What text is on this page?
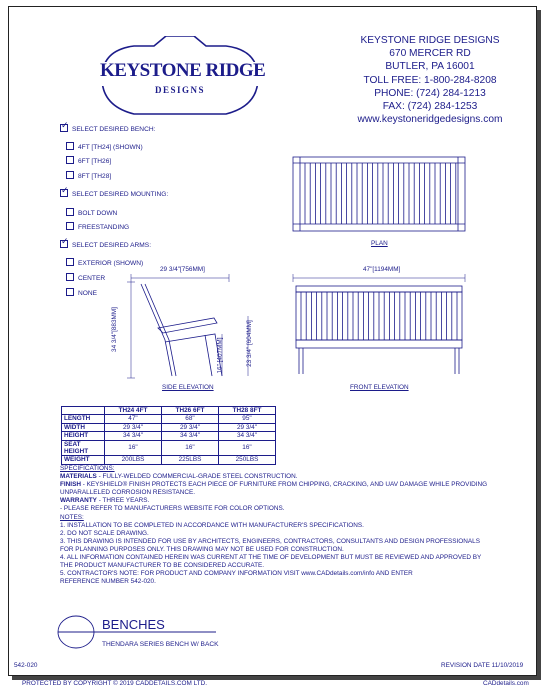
KEYSTONE RIDGE
DESIGNS
KEYSTONE RIDGE DESIGNS
670 MERCER RD
BUTLER, PA 16001
TOLL FREE: 1-800-284-8208
PHONE: (724) 284-1213
FAX: (724) 284-1253
www.keystoneridgedesigns.com
✓SELECT DESIRED BENCH:
4FT [TH24] (SHOWN)
6FT [TH26]
8FT [TH28]
✓SELECT DESIRED MOUNTING:
BOLT DOWN
FREESTANDING
✓SELECT DESIRED ARMS:
EXTERIOR (SHOWN)
CENTER
NONE
PLAN
47"[1194MM]
FRONT ELEVATION
29 3/4"[756MM]
SIDE ELEVATION
34 3/4"[883MM]
16" [407MM]	23 3/4" [604MM]
	TH24 4FT	TH26 6FT	TH28 8FT
LENGTH	47"	68"	95"
WIDTH	29 3/4"	29 3/4"	29 3/4"
HEIGHT	34 3/4"	34 3/4"	34 3/4"
SEAT HEIGHT	16"	16"	16"
WEIGHT	200LBS	225LBS	250LBS
SPECIFICATIONS:
MATERIALS - FULLY-WELDED COMMERCIAL-GRADE STEEL CONSTRUCTION.
FINISH - KEYSHIELD® FINISH PROTECTS EACH PIECE OF FURNITURE FROM CHIPPING, CRACKING, AND UAV DAMAGE WHILE PROVIDING
UNPARALLELED CORROSION RESISTANCE.
WARRANTY - THREE YEARS.
- PLEASE REFER TO MANUFACTURERS WEBSITE FOR COLOR OPTIONS.
NOTES:
1. INSTALLATION TO BE COMPLETED IN ACCORDANCE WITH MANUFACTURER'S SPECIFICATIONS.
2. DO NOT SCALE DRAWING.
3. THIS DRAWING IS INTENDED FOR USE BY ARCHITECTS, ENGINEERS, CONTRACTORS, CONSULTANTS AND DESIGN PROFESSIONALS
FOR PLANNING PURPOSES ONLY. THIS DRAWING MAY NOT BE USED FOR CONSTRUCTION.
4. ALL INFORMATION CONTAINED HEREIN WAS CURRENT AT THE TIME OF DEVELOPMENT BUT MUST BE REVIEWED AND APPROVED BY
THE PRODUCT MANUFACTURER TO BE CONSIDERED ACCURATE.
5. CONTRACTOR'S NOTE: FOR PRODUCT AND COMPANY INFORMATION VISIT www.CADdetails.com/info AND ENTER
REFERENCE NUMBER 542-020.
BENCHES
THENDARA SERIES BENCH W/ BACK
542-020	REVISION DATE 11/10/2019
PROTECTED BY COPYRIGHT © 2019 CADDETAILS.COM LTD.	CADdetails.com
